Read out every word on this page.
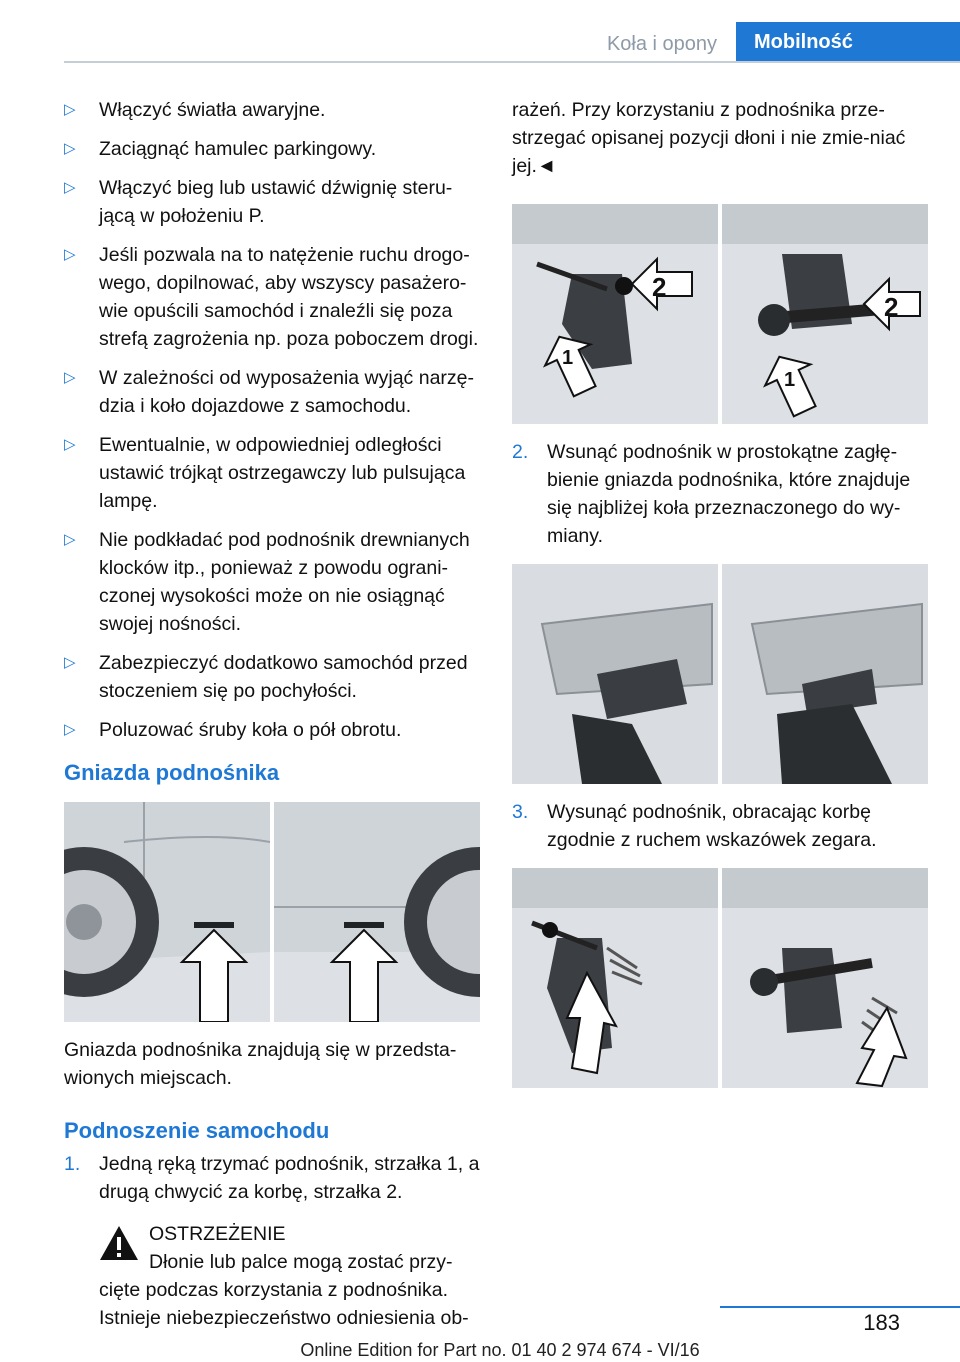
Koła i opony	Mobilność
▷ Włączyć światła awaryjne.
▷ Zaciągnąć hamulec parkingowy.
▷ Włączyć bieg lub ustawić dźwignię steru‐jącą w położeniu P.
▷ Jeśli pozwala na to natężenie ruchu drogo‐wego, dopilnować, aby wszyscy pasażero‐wie opuścili samochód i znaleźli się poza strefą zagrożenia np. poza poboczem drogi.
▷ W zależności od wyposażenia wyjąć narzę‐dzia i koło dojazdowe z samochodu.
▷ Ewentualnie, w odpowiedniej odległości ustawić trójkąt ostrzegawczy lub pulsująca lampę.
▷ Nie podkładać pod podnośnik drewnianych klocków itp., ponieważ z powodu ograni‐czonej wysokości może on nie osiągnąć swojej nośności.
▷ Zabezpieczyć dodatkowo samochód przed stoczeniem się po pochyłości.
▷ Poluzować śruby koła o pół obrotu.
Gniazda podnośnika

Gniazda podnośnika znajdują się w przedsta‐wionych miejscach.

Podnoszenie samochodu

1. Jedną ręką trzymać podnośnik, strzałka 1, a drugą chwycić za korbę, strzałka 2.

OSTRZEŻENIE

Dłonie lub palce mogą zostać przy‐

cięte podczas korzystania z podnośnika. Istnieje niebezpieczeństwo odniesienia ob‐

rażeń. Przy korzystaniu z podnośnika prze‐strzegać opisanej pozycji dłoni i nie zmie‐niać jej.◄

2
1
2
1

2. Wsunąć podnośnik w prostokątne zagłę‐bienie gniazda podnośnika, które znajduje się najbliżej koła przeznaczonego do wy‐miany.

3. Wysunąć podnośnik, obracając korbę zgodnie z ruchem wskazówek zegara.

183
Online Edition for Part no. 01 40 2 974 674 - VI/16
